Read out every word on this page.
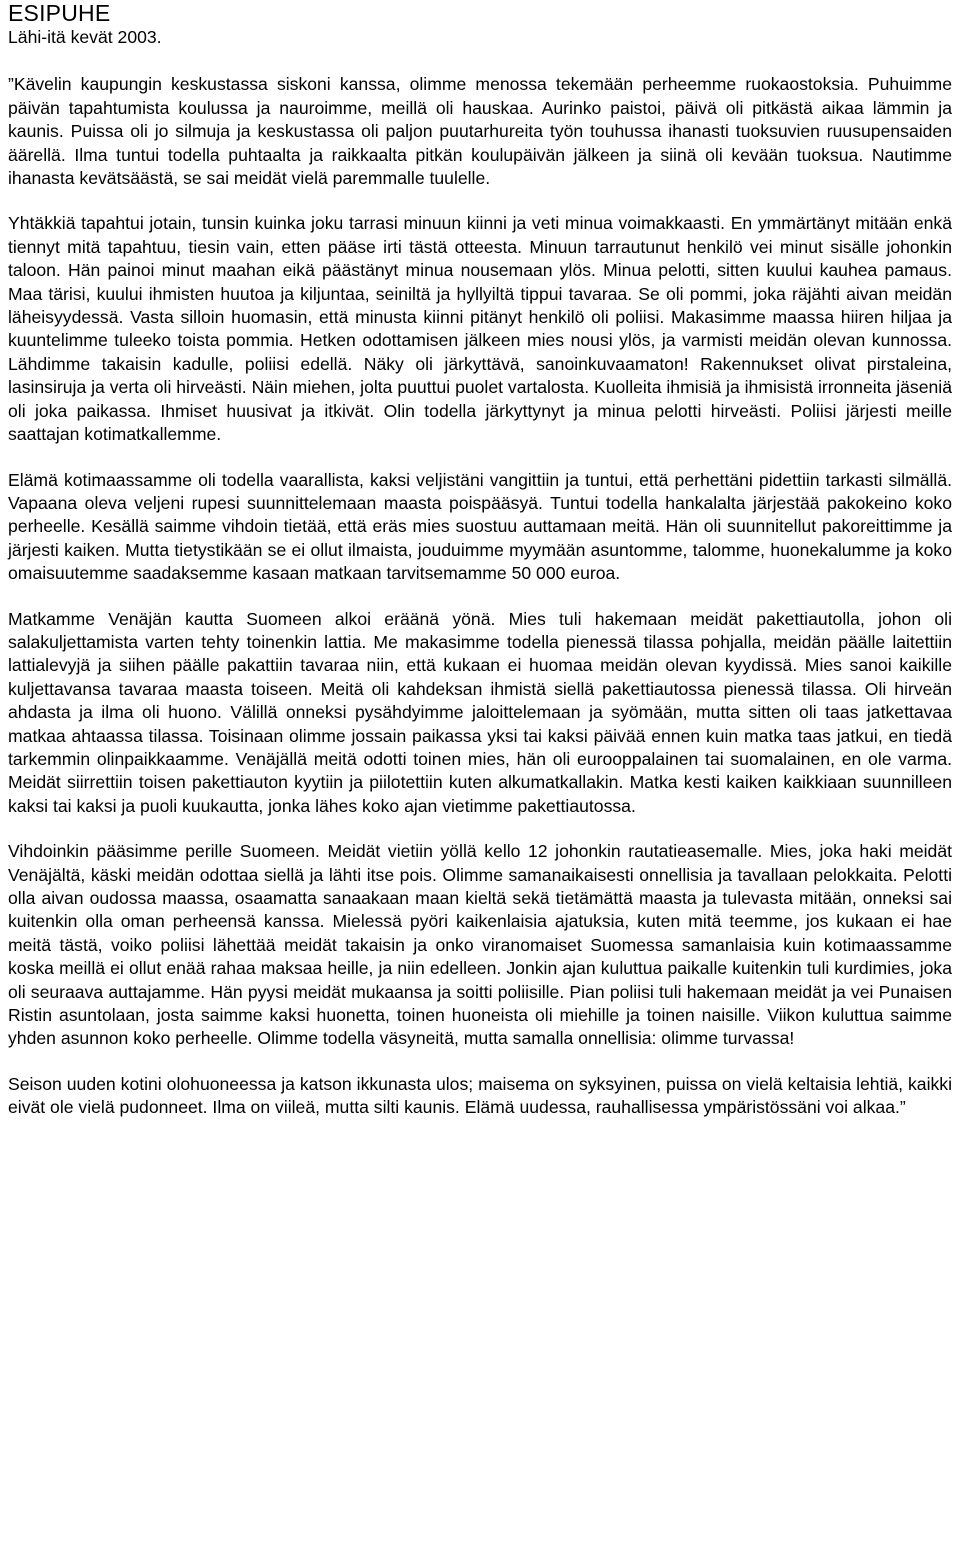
ESIPUHE

Lähi-itä kevät 2003.

”Kävelin kaupungin keskustassa siskoni kanssa, olimme menossa tekemään perheemme ruokaostoksia. Puhuimme päivän tapahtumista koulussa ja nauroimme, meillä oli hauskaa. Aurinko paistoi, päivä oli pitkästä aikaa lämmin ja kaunis. Puissa oli jo silmuja ja keskustassa oli paljon puutarhureita työn touhussa ihanasti tuoksuvien ruusupensaiden äärellä. Ilma tuntui todella puhtaalta ja raikkaalta pitkän koulupäivän jälkeen ja siinä oli kevään tuoksua. Nautimme ihanasta kevätsäästä, se sai meidät vielä paremmalle tuulelle.

Yhtäkkiä tapahtui jotain, tunsin kuinka joku tarrasi minuun kiinni ja veti minua voimakkaasti. En ymmärtänyt mitään enkä tiennyt mitä tapahtuu, tiesin vain, etten pääse irti tästä otteesta. Minuun tarrautunut henkilö vei minut sisälle johonkin taloon. Hän painoi minut maahan eikä päästänyt minua nousemaan ylös. Minua pelotti, sitten kuului kauhea pamaus. Maa tärisi, kuului ihmisten huutoa ja kiljuntaa, seiniltä ja hyllyiltä tippui tavaraa. Se oli pommi, joka räjähti aivan meidän läheisyydessä. Vasta silloin huomasin, että minusta kiinni pitänyt henkilö oli poliisi. Makasimme maassa hiiren hiljaa ja kuuntelimme tuleeko toista pommia. Hetken odottamisen jälkeen mies nousi ylös, ja varmisti meidän olevan kunnossa. Lähdimme takaisin kadulle, poliisi edellä. Näky oli järkyttävä, sanoinkuvaamaton! Rakennukset olivat pirstaleina, lasinsiruja ja verta oli hirveästi. Näin miehen, jolta puuttui puolet vartalosta. Kuolleita ihmisiä ja ihmisistä irronneita jäseniä oli joka paikassa. Ihmiset huusivat ja itkivät. Olin todella järkyttynyt ja minua pelotti hirveästi. Poliisi järjesti meille saattajan kotimatkallemme.

Elämä kotimaassamme oli todella vaarallista, kaksi veljistäni vangittiin ja tuntui, että perhettäni pidettiin tarkasti silmällä. Vapaana oleva veljeni rupesi suunnittelemaan maasta poispääsyä. Tuntui todella hankalalta järjestää pakokeino koko perheelle. Kesällä saimme vihdoin tietää, että eräs mies suostuu auttamaan meitä. Hän oli suunnitellut pakoreittimme ja järjesti kaiken. Mutta tietystikään se ei ollut ilmaista, jouduimme myymään asuntomme, talomme, huonekalumme ja koko omaisuutemme saadaksemme kasaan matkaan tarvitsemamme 50 000 euroa.

Matkamme Venäjän kautta Suomeen alkoi eräänä yönä. Mies tuli hakemaan meidät pakettiautolla, johon oli salakuljettamista varten tehty toinenkin lattia. Me makasimme todella pienessä tilassa pohjalla, meidän päälle laitettiin lattialevyjä ja siihen päälle pakattiin tavaraa niin, että kukaan ei huomaa meidän olevan kyydissä. Mies sanoi kaikille kuljettavansa tavaraa maasta toiseen. Meitä oli kahdeksan ihmistä siellä pakettiautossa pienessä tilassa. Oli hirveän ahdasta ja ilma oli huono. Välillä onneksi pysähdyimme jaloittelemaan ja syömään, mutta sitten oli taas jatkettavaa matkaa ahtaassa tilassa. Toisinaan olimme jossain paikassa yksi tai kaksi päivää ennen kuin matka taas jatkui, en tiedä tarkemmin olinpaikkaamme. Venäjällä meitä odotti toinen mies, hän oli eurooppalainen tai suomalainen, en ole varma. Meidät siirrettiin toisen pakettiauton kyytiin ja piilotettiin kuten alkumatkallakin. Matka kesti kaiken kaikkiaan suunnilleen kaksi tai kaksi ja puoli kuukautta, jonka lähes koko ajan vietimme pakettiautossa.

Vihdoinkin pääsimme perille Suomeen. Meidät vietiin yöllä kello 12 johonkin rautatieasemalle. Mies, joka haki meidät Venäjältä, käski meidän odottaa siellä ja lähti itse pois. Olimme samanaikaisesti onnellisia ja tavallaan pelokkaita. Pelotti olla aivan oudossa maassa, osaamatta sanaakaan maan kieltä sekä tietämättä maasta ja tulevasta mitään, onneksi sai kuitenkin olla oman perheensä kanssa. Mielessä pyöri kaikenlaisia ajatuksia, kuten mitä teemme, jos kukaan ei hae meitä tästä, voiko poliisi lähettää meidät takaisin ja onko viranomaiset Suomessa samanlaisia kuin kotimaassamme koska meillä ei ollut enää rahaa maksaa heille, ja niin edelleen. Jonkin ajan kuluttua paikalle kuitenkin tuli kurdimies, joka oli seuraava auttajamme. Hän pyysi meidät mukaansa ja soitti poliisille. Pian poliisi tuli hakemaan meidät ja vei Punaisen Ristin asuntolaan, josta saimme kaksi huonetta, toinen huoneista oli miehille ja toinen naisille. Viikon kuluttua saimme yhden asunnon koko perheelle. Olimme todella väsyneitä, mutta samalla onnellisia: olimme turvassa!

Seison uuden kotini olohuoneessa ja katson ikkunasta ulos; maisema on syksyinen, puissa on vielä keltaisia lehtiä, kaikki eivät ole vielä pudonneet. Ilma on viileä, mutta silti kaunis. Elämä uudessa, rauhallisessa ympäristössäni voi alkaa.”
